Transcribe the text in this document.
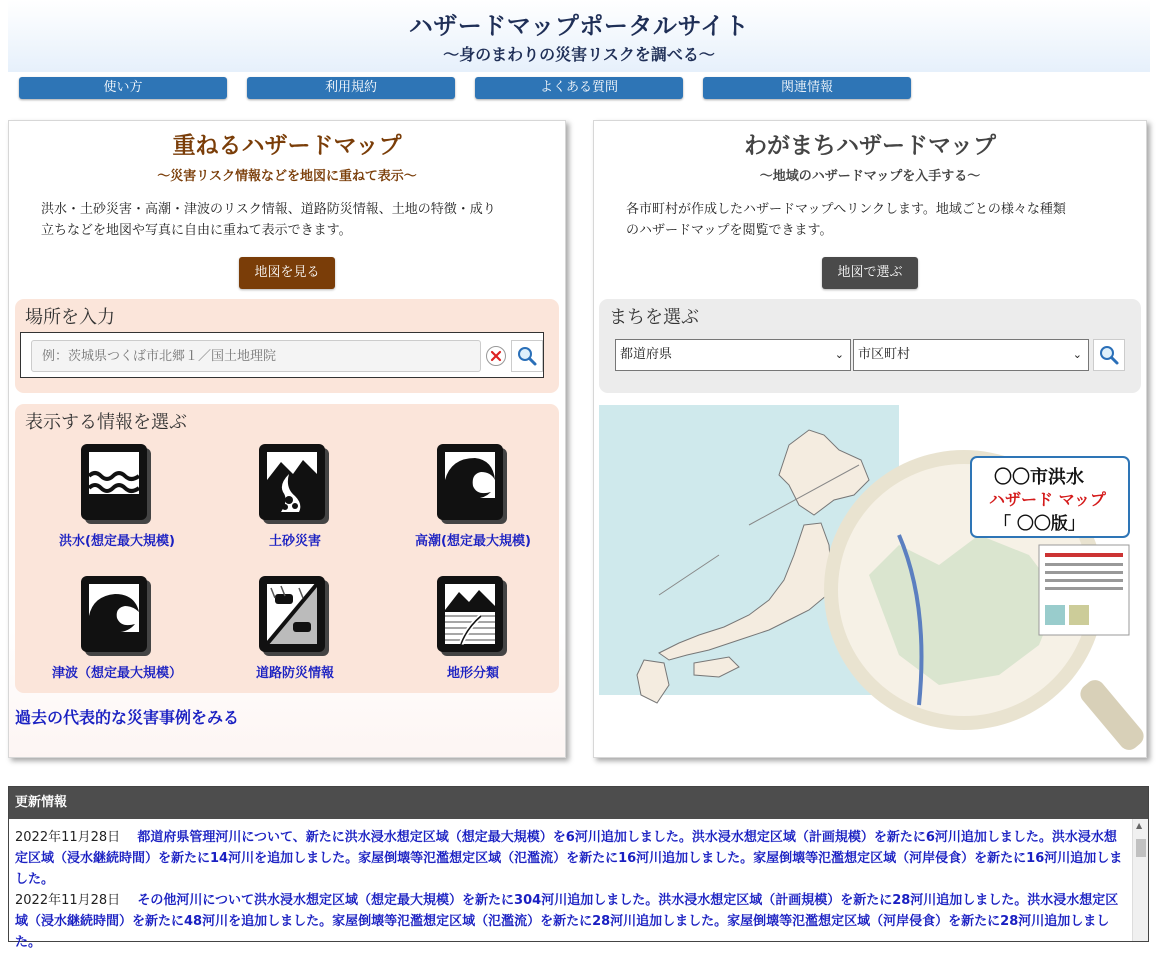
ハザードマップポータルサイト
〜身のまわりの災害リスクを調べる〜
使い方	利用規約	よくある質問	関連情報
重ねるハザードマップ
〜災害リスク情報などを地図に重ねて表示〜
洪水・土砂災害・高潮・津波のリスク情報、道路防災情報、土地の特徴・成り
立ちなどを地図や写真に自由に重ねて表示できます。
地図を見る
場所を入力
例：茨城県つくば市北郷１／国土地理院
表示する情報を選ぶ
洪水(想定最大規模)	土砂災害	高潮(想定最大規模)
津波（想定最大規模）	道路防災情報	地形分類
過去の代表的な災害事例をみる
わがまちハザードマップ
〜地域のハザードマップを入手する〜
各市町村が作成したハザードマップへリンクします。地域ごとの様々な種類
のハザードマップを閲覧できます。
地図で選ぶ
まちを選ぶ
都道府県	⌄	市区町村	⌄
〇〇市洪水
ハザード マップ
「 〇〇版」
更新情報

2022年11月28日　 都道府県管理河川について、新たに洪水浸水想定区域（想定最大規模）を6河川追加しました。洪水浸水想定区域（計画規模）を新たに6河川追加しました。洪水浸水想定区域（浸水継続時間）を新たに14河川を追加しました。家屋倒壊等氾濫想定区域（氾濫流）を新たに16河川追加しました。家屋倒壊等氾濫想定区域（河岸侵食）を新たに16河川追加しました。

2022年11月28日　 その他河川について洪水浸水想定区域（想定最大規模）を新たに304河川追加しました。洪水浸水想定区域（計画規模）を新たに28河川追加しました。洪水浸水想定区域（浸水継続時間）を新たに48河川を追加しました。家屋倒壊等氾濫想定区域（氾濫流）を新たに28河川追加しました。家屋倒壊等氾濫想定区域（河岸侵食）を新たに28河川追加しました。

▲
